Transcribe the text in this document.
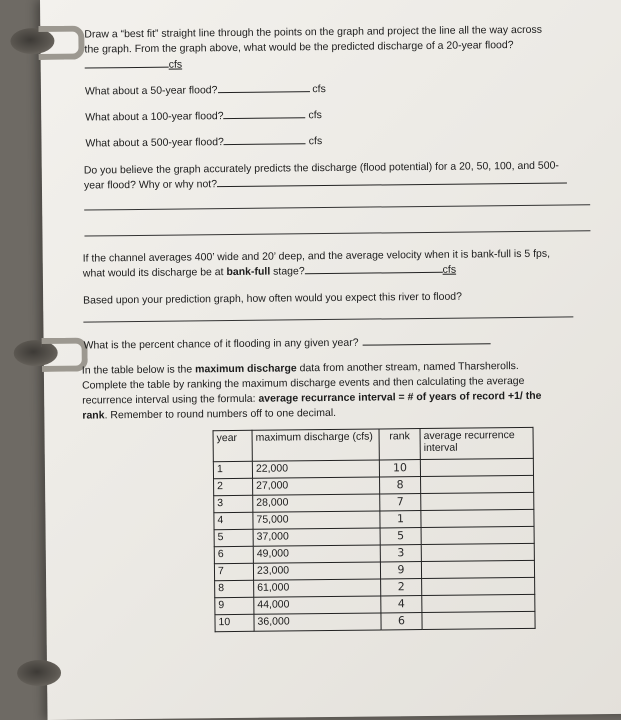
Draw a “best fit” straight line through the points on the graph and project the line all the way across
the graph. From the graph above, what would be the predicted discharge of a 20-year flood?
cfs
What about a 50-year flood?	cfs
What about a 100-year flood?	cfs
What about a 500-year flood?	cfs
Do you believe the graph accurately predicts the discharge (flood potential) for a 20, 50, 100, and 500-
year flood? Why or why not?
If the channel averages 400’ wide and 20’ deep, and the average velocity when it is bank-full is 5 fps,
what would its discharge be at bank-full stage?	cfs
Based upon your prediction graph, how often would you expect this river to flood?
What is the percent chance of it flooding in any given year?
In the table below is the maximum discharge data from another stream, named Tharsherolls.
Complete the table by ranking the maximum discharge events and then calculating the average
recurrence interval using the formula: average recurrance interval = # of years of record +1/ the
rank. Remember to round numbers off to one decimal.
year	maximum discharge (cfs)	rank	average recurrence interval
1	22,000	10	
2	27,000	8	
3	28,000	7	
4	75,000	1	
5	37,000	5	
6	49,000	3	
7	23,000	9	
8	61,000	2	
9	44,000	4	
10	36,000	6	
